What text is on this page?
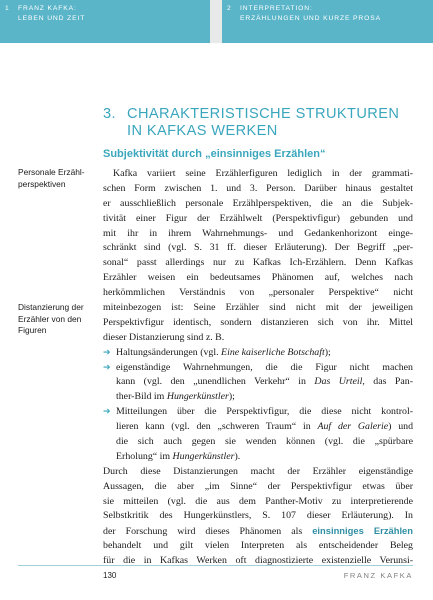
1 FRANZ KAFKA:
LEBEN UND ZEIT
2 INTERPRETATION:
ERZÄHLUNGEN UND KURZE PROSA
3. CHARAKTERISTISCHE STRUKTUREN
IN KAFKAS WERKEN
Personale Erzähl-
perspektiven
Distanzierung der
Erzähler von den
Figuren
Subjektivität durch „einsinniges Erzählen“
Kafka variiert seine Erzählerfiguren lediglich in der grammati-
schen Form zwischen 1. und 3. Person. Darüber hinaus gestaltet
er ausschließlich personale Erzählperspektiven, die an die Subjek-
tivität einer Figur der Erzählwelt (Perspektivfigur) gebunden und
mit ihr in ihrem Wahrnehmungs- und Gedankenhorizont einge-
schränkt sind (vgl. S. 31 ff. dieser Erläuterung). Der Begriff „per-
sonal“ passt allerdings nur zu Kafkas Ich-Erzählern. Denn Kafkas
Erzähler weisen ein bedeutsames Phänomen auf, welches nach
herkömmlichen Verständnis von „personaler Perspektive“ nicht
miteinbezogen ist: Seine Erzähler sind nicht mit der jeweiligen
Perspektivfigur identisch, sondern distanzieren sich von ihr. Mittel
dieser Distanzierung sind z. B.
➔ Haltungsänderungen (vgl. Eine kaiserliche Botschaft);
➔ eigenständige Wahrnehmungen, die die Figur nicht machen
kann (vgl. den „unendlichen Verkehr“ in Das Urteil, das Pan-
ther-Bild im Hungerkünstler);
➔ Mitteilungen über die Perspektivfigur, die diese nicht kontrol-
lieren kann (vgl. den „schweren Traum“ in Auf der Galerie) und
die sich auch gegen sie wenden können (vgl. die „spürbare
Erholung“ im Hungerkünstler).
Durch diese Distanzierungen macht der Erzähler eigenständige
Aussagen, die aber „im Sinne“ der Perspektivfigur etwas über
sie mitteilen (vgl. die aus dem Panther-Motiv zu interpretierende
Selbstkritik des Hungerkünstlers, S. 107 dieser Erläuterung). In
der Forschung wird dieses Phänomen als einsinniges Erzählen
behandelt und gilt vielen Interpreten als entscheidender Beleg
für die in Kafkas Werken oft diagnostizierte existenzielle Verunsi-
130	FRANZ KAFKA
